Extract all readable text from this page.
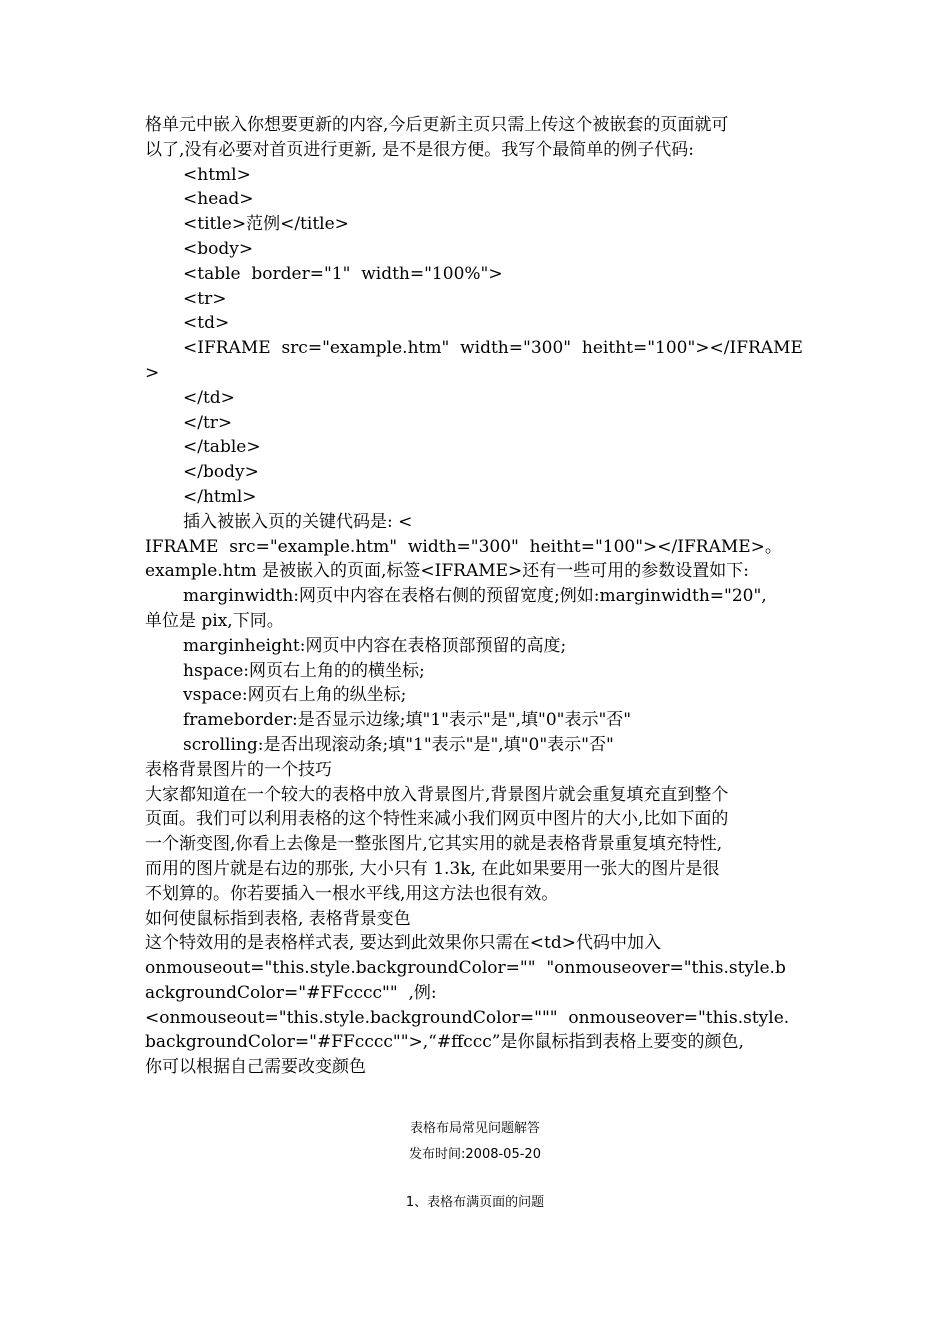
格单元中嵌入你想要更新的内容,今后更新主页只需上传这个被嵌套的页面就可
以了,没有必要对首页进行更新, 是不是很方便。我写个最简单的例子代码:
<html>
<head>
<title>范例</title>
<body>
<table  border="1"  width="100%">
<tr>
<td>
<IFRAME  src="example.htm"  width="300"  heitht="100"></IFRAME
>
</td>
</tr>
</table>
</body>
</html>
插入被嵌入页的关键代码是: <
IFRAME  src="example.htm"  width="300"  heitht="100"></IFRAME>。
example.htm 是被嵌入的页面,标签<IFRAME>还有一些可用的参数设置如下:
marginwidth:网页中内容在表格右侧的预留宽度;例如:marginwidth="20",
单位是 pix,下同。
marginheight:网页中内容在表格顶部预留的高度;
hspace:网页右上角的的横坐标;
vspace:网页右上角的纵坐标;
frameborder:是否显示边缘;填"1"表示"是",填"0"表示"否"
scrolling:是否出现滚动条;填"1"表示"是",填"0"表示"否"
表格背景图片的一个技巧
大家都知道在一个较大的表格中放入背景图片,背景图片就会重复填充直到整个
页面。我们可以利用表格的这个特性来减小我们网页中图片的大小,比如下面的
一个渐变图,你看上去像是一整张图片,它其实用的就是表格背景重复填充特性,
而用的图片就是右边的那张, 大小只有 1.3k, 在此如果要用一张大的图片是很
不划算的。你若要插入一根水平线,用这方法也很有效。
如何使鼠标指到表格, 表格背景变色
这个特效用的是表格样式表, 要达到此效果你只需在<td>代码中加入
onmouseout="this.style.backgroundColor=""  "onmouseover="this.style.b
ackgroundColor="#FFcccc""  ,例:
<onmouseout="this.style.backgroundColor="""  onmouseover="this.style.
backgroundColor="#FFcccc"">,“#ffccc”是你鼠标指到表格上要变的颜色,
你可以根据自己需要改变颜色
表格布局常见问题解答
发布时间:2008-05-20
1、表格布满页面的问题
